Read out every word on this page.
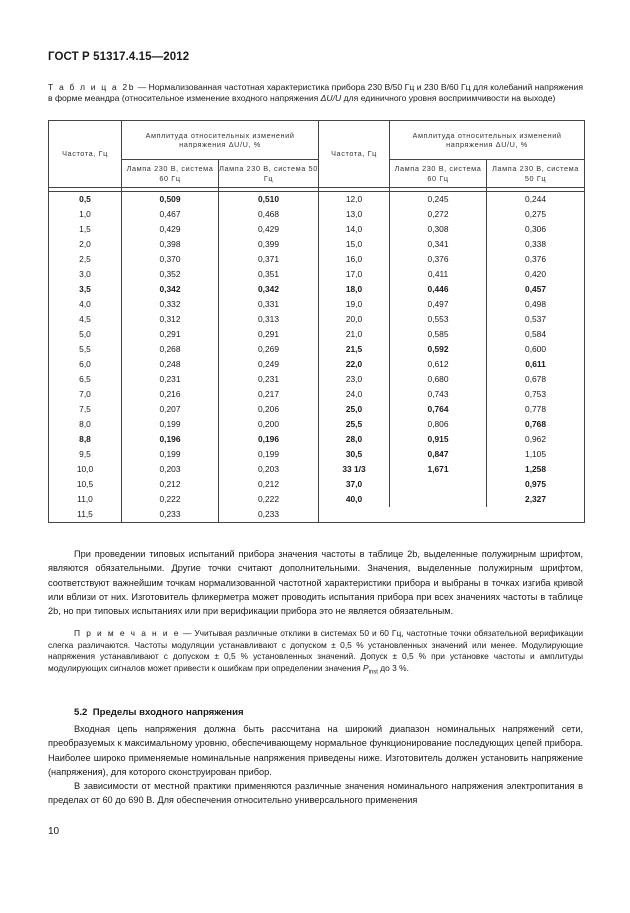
ГОСТ Р 51317.4.15—2012
Т а б л и ц а 2b — Нормализованная частотная характеристика прибора 230 В/50 Гц и 230 В/60 Гц для колебаний напряжения в форме меандра (относительное изменение входного напряжения ΔU/U для единичного уровня восприимчивости на выходе)
Частота, Гц	Амплитуда относительных изменений напряжения ΔU/U, %		Частота, Гц	Амплитуда относительных изменений напряжения ΔU/U, %	
	Лампа 230 В, система 60 Гц	Лампа 230 В, система 50 Гц		Лампа 230 В, система 60 Гц	Лампа 230 В, система 50 Гц

0,5	0,509	0,510	12,0	0,245	0,244
1,0	0,467	0,468	13,0	0,272	0,275
1,5	0,429	0,429	14,0	0,308	0,306
2,0	0,398	0,399	15,0	0,341	0,338
2,5	0,370	0,371	16,0	0,376	0,376
3,0	0,352	0,351	17,0	0,411	0,420
3,5	0,342	0,342	18,0	0,446	0,457
4,0	0,332	0,331	19,0	0,497	0,498
4,5	0,312	0,313	20,0	0,553	0,537
5,0	0,291	0,291	21,0	0,585	0,584
5,5	0,268	0,269	21,5	0,592	0,600
6,0	0,248	0,249	22,0	0,612	0,611
6,5	0,231	0,231	23,0	0,680	0,678
7,0	0,216	0,217	24,0	0,743	0,753
7,5	0,207	0,206	25,0	0,764	0,778
8,0	0,199	0,200	25,5	0,806	0,768
8,8	0,196	0,196	28,0	0,915	0,962
9,5	0,199	0,199	30,5	0,847	1,105
10,0	0,203	0,203	33 1/3	1,671	1,258
10,5	0,212	0,212	37,0		0,975
11,0	0,222	0,222	40,0		2,327
11,5	0,233	0,233			
При проведении типовых испытаний прибора значения частоты в таблице 2b, выделенные полужирным шрифтом, являются обязательными. Другие точки считают дополнительными. Значения, выделенные полужирным шрифтом, соответствуют важнейшим точкам нормализованной частотной характеристики прибора и выбраны в точках изгиба кривой или вблизи от них. Изготовитель фликерметра может проводить испытания прибора при всех значениях частоты в таблице 2b, но при типовых испытаниях или при верификации прибора это не является обязательным.
П р и м е ч а н и е — Учитывая различные отклики в системах 50 и 60 Гц, частотные точки обязательной верификации слегка различаются. Частоты модуляции устанавливают с допуском ± 0,5 % установленных значений или менее. Модулирующие напряжения устанавливают с допуском ± 0,5 % установленных значений. Допуск ± 0,5 % при установке частоты и амплитуды модулирующих сигналов может привести к ошибкам при определении значения $P_{inst}$ до 3 %.
5.2 Пределы входного напряжения
Входная цепь напряжения должна быть рассчитана на широкий диапазон номинальных напряжений сети, преобразуемых к максимальному уровню, обеспечивающему нормальное функционирование последующих цепей прибора. Наиболее широко применяемые номинальные напряжения приведены ниже. Изготовитель должен установить напряжение (напряжения), для которого сконструирован прибор.
В зависимости от местной практики применяются различные значения номинального напряжения электропитания в пределах от 60 до 690 В. Для обеспечения относительно универсального применения
10
